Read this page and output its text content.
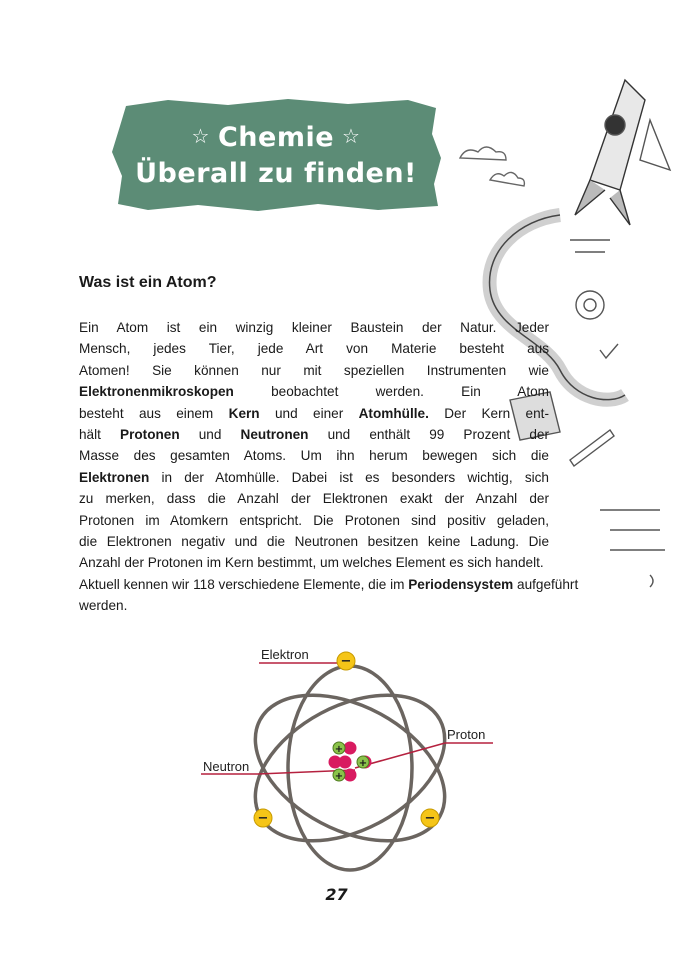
☆ Chemie ☆
Überall zu finden!
Was ist ein Atom?
Ein Atom ist ein winzig kleiner Baustein der Natur. Jeder
Mensch, jedes Tier, jede Art von Materie besteht aus
Atomen! Sie können nur mit speziellen Instrumenten wie
Elektronenmikroskopen beobachtet werden. Ein Atom
besteht aus einem Kern und einer Atomhülle. Der Kern ent-
hält Protonen und Neutronen und enthält 99 Prozent der
Masse des gesamten Atoms. Um ihn herum bewegen sich die
Elektronen in der Atomhülle. Dabei ist es besonders wichtig, sich
zu merken, dass die Anzahl der Elektronen exakt der Anzahl der
Protonen im Atomkern entspricht. Die Protonen sind positiv geladen,
die Elektronen negativ und die Neutronen besitzen keine Ladung. Die
Anzahl der Protonen im Kern bestimmt, um welches Element es sich handelt.
Aktuell kennen wir 118 verschiedene Elemente, die im Periodensystem aufgeführt
werden.
Elektron
Proton
Neutron
+
+
+
−
−	−
27
